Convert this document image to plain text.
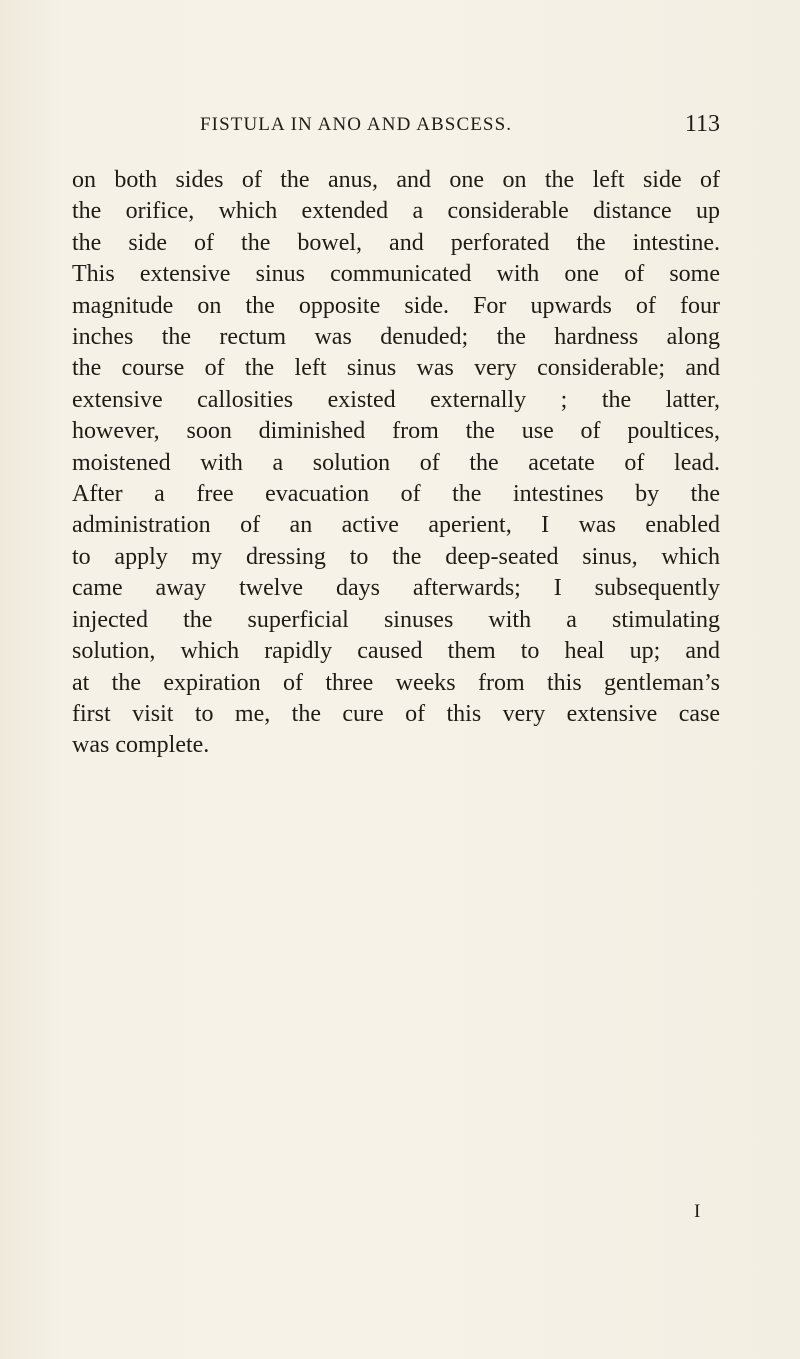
FISTULA IN ANO AND ABSCESS.	113
on both sides of the anus, and one on the left side of
the orifice, which extended a considerable distance up
the side of the bowel, and perforated the intestine.
This extensive sinus communicated with one of some
magnitude on the opposite side. For upwards of four
inches the rectum was denuded; the hardness along
the course of the left sinus was very considerable; and
extensive callosities existed externally ; the latter,
however, soon diminished from the use of poultices,
moistened with a solution of the acetate of lead.
After a free evacuation of the intestines by the
administration of an active aperient, I was enabled
to apply my dressing to the deep-seated sinus, which
came away twelve days afterwards; I subsequently
injected the superficial sinuses with a stimulating
solution, which rapidly caused them to heal up; and
at the expiration of three weeks from this gentleman’s
first visit to me, the cure of this very extensive case
was complete.
I
